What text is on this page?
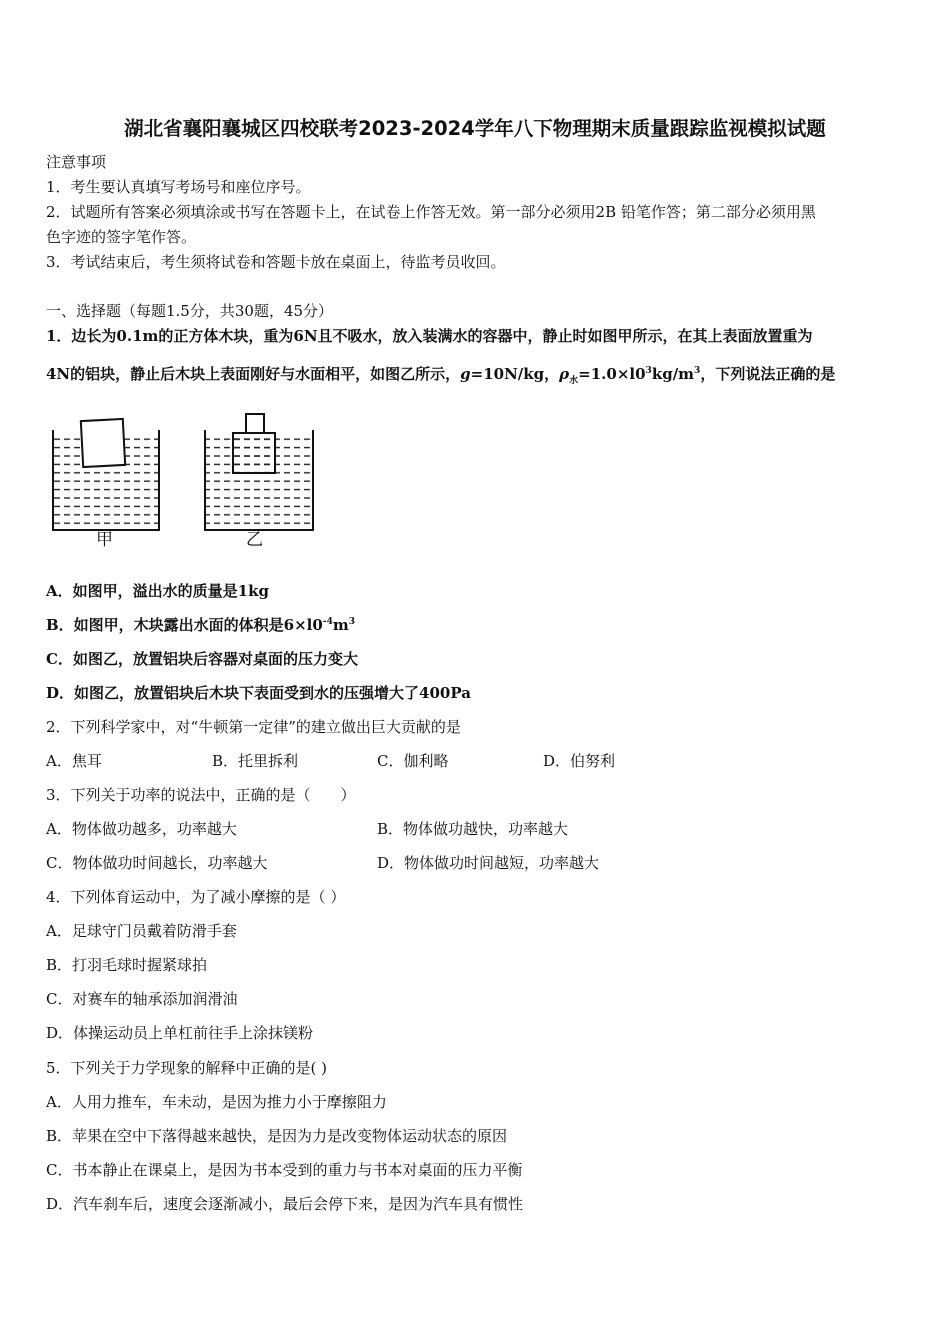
湖北省襄阳襄城区四校联考2023-2024学年八下物理期末质量跟踪监视模拟试题
注意事项
1．考生要认真填写考场号和座位序号。
2．试题所有答案必须填涂或书写在答题卡上，在试卷上作答无效。第一部分必须用2B 铅笔作答；第二部分必须用黑
色字迹的签字笔作答。
3．考试结束后，考生须将试卷和答题卡放在桌面上，待监考员收回。
一、选择题（每题1.5分，共30题，45分）
1．边长为0.1m的正方体木块，重为6N且不吸水，放入装满水的容器中，静止时如图甲所示，在其上表面放置重为
4N的铝块，静止后木块上表面刚好与水面相平，如图乙所示，g=10N/kg，$\rho_水=1.0\times l0^3kg/m^3$，下列说法正确的是
甲	乙
A．如图甲，溢出水的质量是1kg
B．如图甲，木块露出水面的体积是$6\times l0^{-4}m^3$
C．如图乙，放置铝块后容器对桌面的压力变大
D．如图乙，放置铝块后木块下表面受到水的压强增大了400Pa
2．下列科学家中，对“牛顿第一定律”的建立做出巨大贡献的是
A．焦耳	B．托里拆利	C．伽利略	D．伯努利
3．下列关于功率的说法中，正确的是（　　）
A．物体做功越多，功率越大	B．物体做功越快，功率越大
C．物体做功时间越长，功率越大	D．物体做功时间越短，功率越大
4．下列体育运动中，为了减小摩擦的是（ ）
A．足球守门员戴着防滑手套
B．打羽毛球时握紧球拍
C．对赛车的轴承添加润滑油
D．体操运动员上单杠前往手上涂抹镁粉
5．下列关于力学现象的解释中正确的是( )
A．人用力推车，车未动，是因为推力小于摩擦阻力
B．苹果在空中下落得越来越快，是因为力是改变物体运动状态的原因
C．书本静止在课桌上，是因为书本受到的重力与书本对桌面的压力平衡
D．汽车刹车后，速度会逐渐减小，最后会停下来，是因为汽车具有惯性
